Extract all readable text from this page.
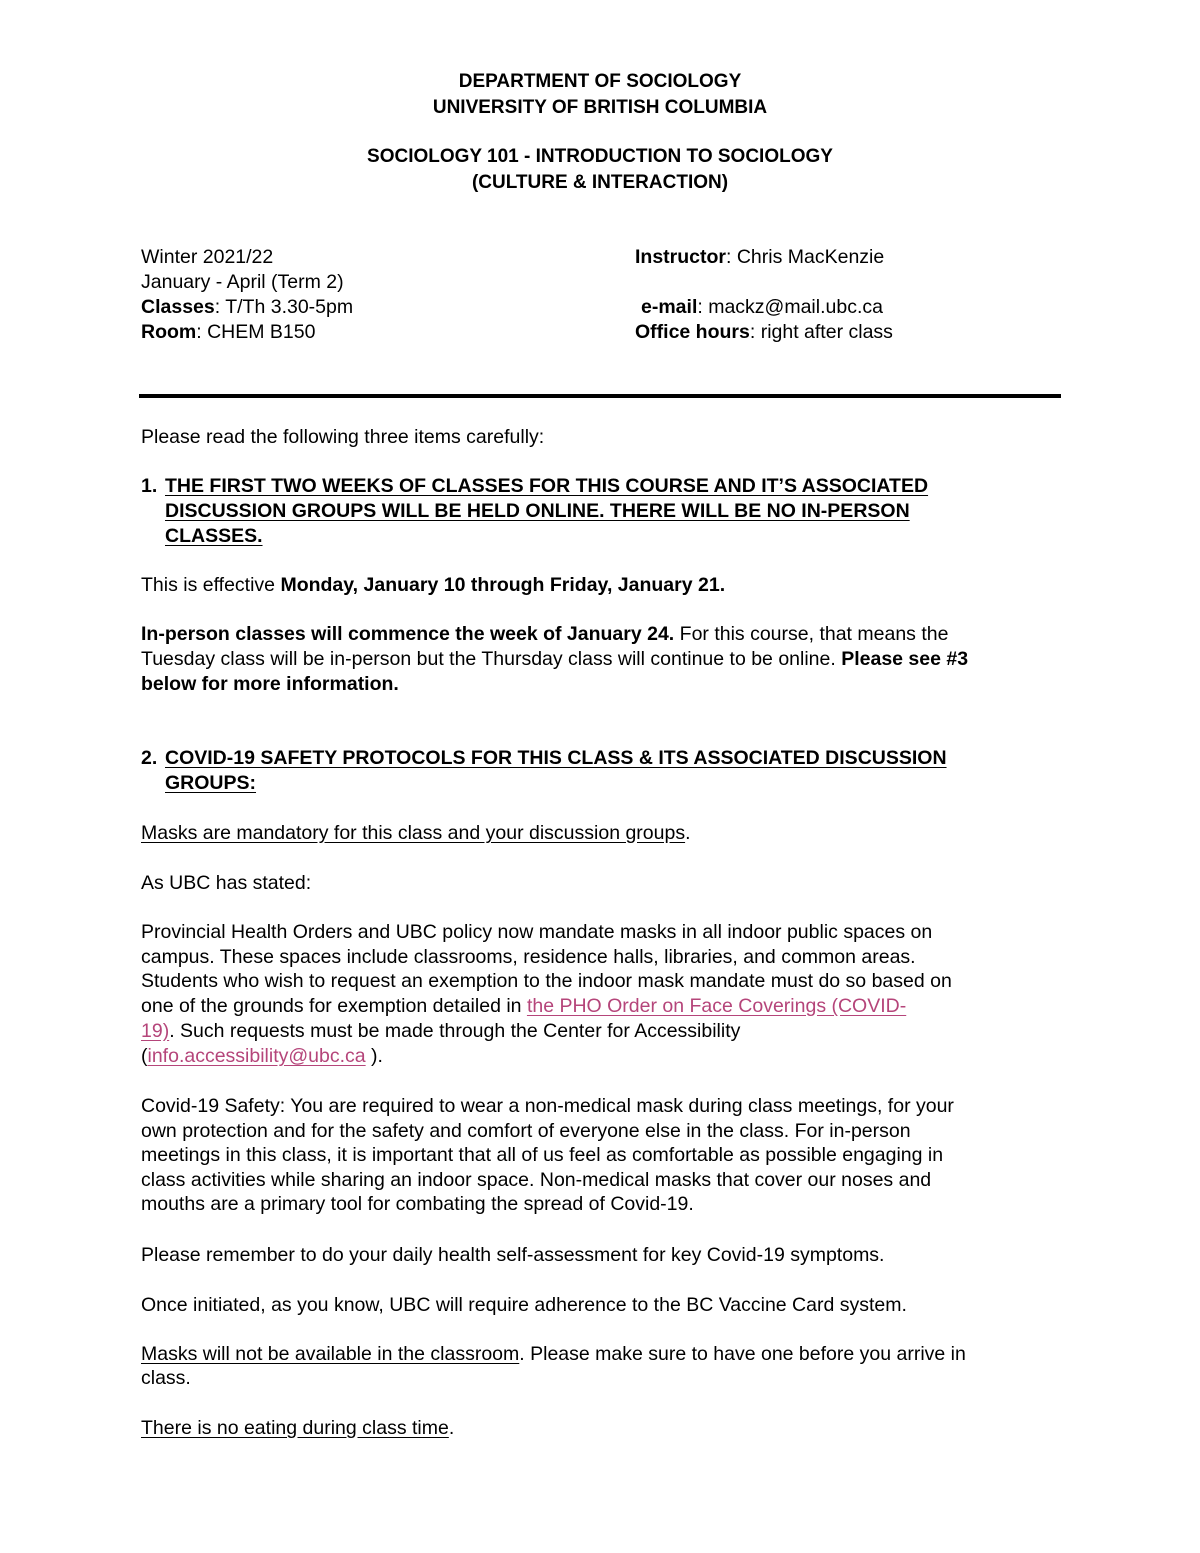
DEPARTMENT OF SOCIOLOGY
UNIVERSITY OF BRITISH COLUMBIA
SOCIOLOGY 101 - INTRODUCTION TO SOCIOLOGY
(CULTURE & INTERACTION)
Winter 2021/22
January - April (Term 2)
Classes: T/Th 3.30-5pm
Room: CHEM B150
Instructor: Chris MacKenzie
e-mail: mackz@mail.ubc.ca
Office hours: right after class
Please read the following three items carefully:
1. THE FIRST TWO WEEKS OF CLASSES FOR THIS COURSE AND IT’S ASSOCIATED
DISCUSSION GROUPS WILL BE HELD ONLINE. THERE WILL BE NO IN-PERSON
CLASSES.
This is effective Monday, January 10 through Friday, January 21.
In-person classes will commence the week of January 24. For this course, that means the
Tuesday class will be in-person but the Thursday class will continue to be online. Please see #3
below for more information.
2. COVID-19 SAFETY PROTOCOLS FOR THIS CLASS & ITS ASSOCIATED DISCUSSION
GROUPS:
Masks are mandatory for this class and your discussion groups.
As UBC has stated:
Provincial Health Orders and UBC policy now mandate masks in all indoor public spaces on
campus. These spaces include classrooms, residence halls, libraries, and common areas.
Students who wish to request an exemption to the indoor mask mandate must do so based on
one of the grounds for exemption detailed in the PHO Order on Face Coverings (COVID-
19). Such requests must be made through the Center for Accessibility
(info.accessibility@ubc.ca ).
Covid-19 Safety: You are required to wear a non-medical mask during class meetings, for your
own protection and for the safety and comfort of everyone else in the class. For in-person
meetings in this class, it is important that all of us feel as comfortable as possible engaging in
class activities while sharing an indoor space. Non-medical masks that cover our noses and
mouths are a primary tool for combating the spread of Covid-19.
Please remember to do your daily health self-assessment for key Covid-19 symptoms.
Once initiated, as you know, UBC will require adherence to the BC Vaccine Card system.
Masks will not be available in the classroom. Please make sure to have one before you arrive in
class.
There is no eating during class time.
